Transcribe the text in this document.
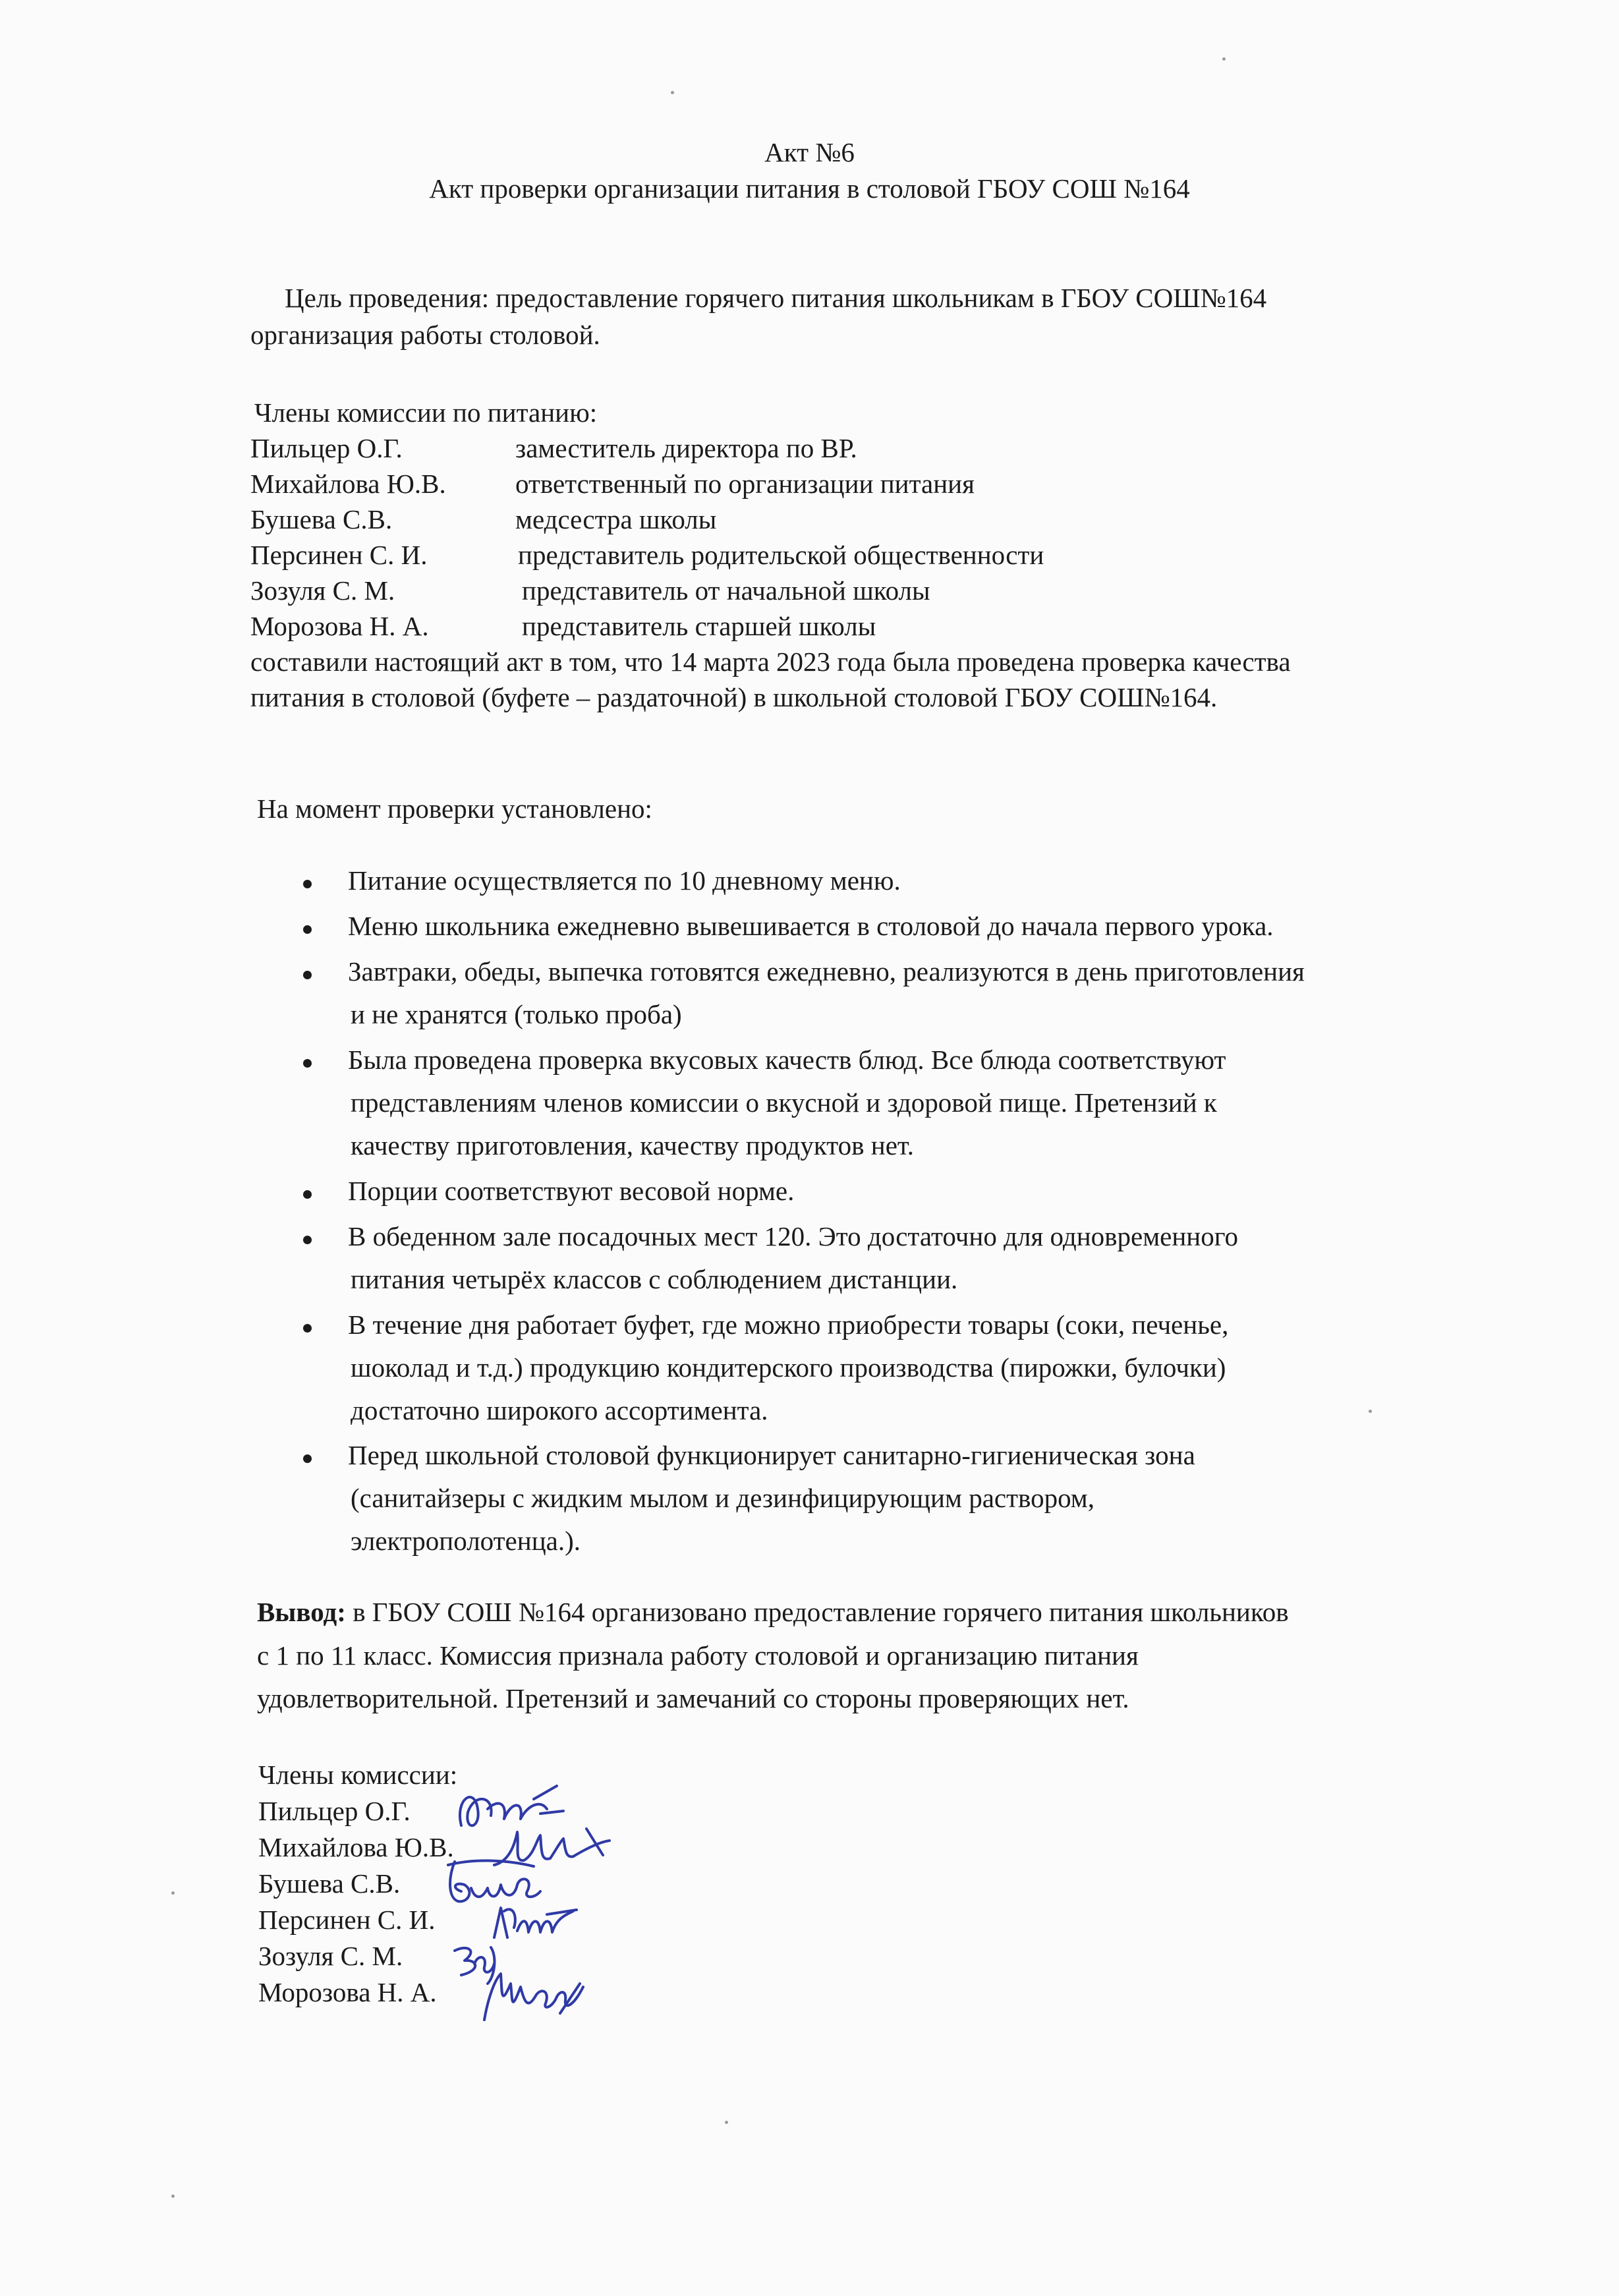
Акт №6
Акт проверки организации питания в столовой ГБОУ СОШ №164
Цель проведения: предоставление горячего питания школьникам в ГБОУ СОШ№164
организация работы столовой.
Члены комиссии по питанию:
Пильцер О.Г.	заместитель директора по ВР.
Михайлова Ю.В.	ответственный по организации питания
Бушева С.В.	медсестра школы
Персинен С. И.	представитель родительской общественности
Зозуля С. М.	представитель от начальной школы
Морозова Н. А.	представитель старшей школы
составили настоящий акт в том, что 14 марта 2023 года была проведена проверка качества
питания в столовой (буфете – раздаточной) в школьной столовой ГБОУ СОШ№164.
На момент проверки установлено:
Питание осуществляется по 10 дневному меню.
Меню школьника ежедневно вывешивается в столовой до начала первого урока.
Завтраки, обеды, выпечка готовятся ежедневно, реализуются в день приготовления
и не хранятся (только проба)
Была проведена проверка вкусовых качеств блюд. Все блюда соответствуют
представлениям членов комиссии о вкусной и здоровой пище. Претензий к
качеству приготовления, качеству продуктов нет.
Порции соответствуют весовой норме.
В обеденном зале посадочных мест 120. Это достаточно для одновременного
питания четырёх классов с соблюдением дистанции.
В течение дня работает буфет, где можно приобрести товары (соки, печенье,
шоколад и т.д.) продукцию кондитерского производства (пирожки, булочки)
достаточно широкого ассортимента.
Перед школьной столовой функционирует санитарно-гигиеническая зона
(санитайзеры с жидким мылом и дезинфицирующим раствором,
электрополотенца.).
Вывод: в ГБОУ СОШ №164 организовано предоставление горячего питания школьников
с 1 по 11 класс. Комиссия признала работу столовой и организацию питания
удовлетворительной. Претензий и замечаний со стороны проверяющих нет.
Члены комиссии:
Пильцер О.Г.
Михайлова Ю.В.
Бушева С.В.
Персинен С. И.
Зозуля С. М.
Морозова Н. А.
